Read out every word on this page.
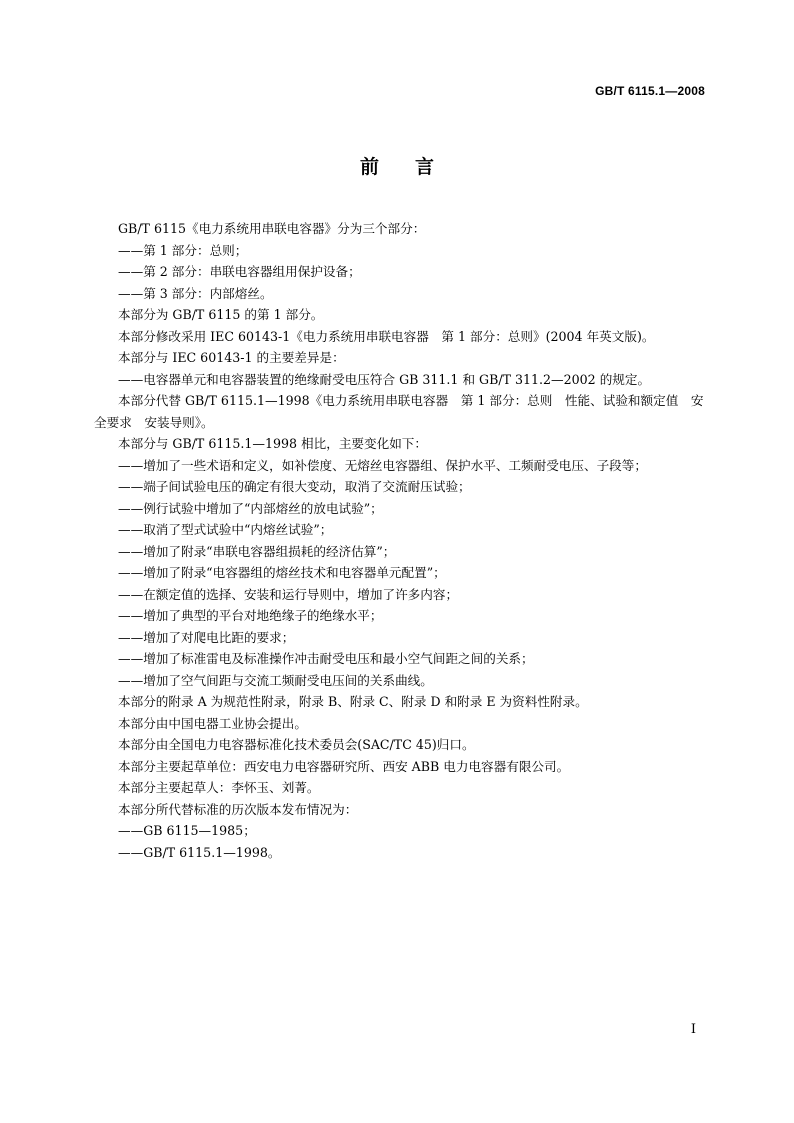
GB/T 6115.1—2008
前言

GB/T 6115《电力系统用串联电容器》分为三个部分：

——第 1 部分：总则；

——第 2 部分：串联电容器组用保护设备；

——第 3 部分：内部熔丝。

本部分为 GB/T 6115 的第 1 部分。

本部分修改采用 IEC 60143-1《电力系统用串联电容器　第 1 部分：总则》(2004 年英文版)。

本部分与 IEC 60143-1 的主要差异是：

——电容器单元和电容器装置的绝缘耐受电压符合 GB 311.1 和 GB/T 311.2—2002 的规定。

本部分代替 GB/T 6115.1—1998《电力系统用串联电容器　第 1 部分：总则　性能、试验和额定值　安全要求　安装导则》。

本部分与 GB/T 6115.1—1998 相比，主要变化如下：

——增加了一些术语和定义，如补偿度、无熔丝电容器组、保护水平、工频耐受电压、子段等；

——端子间试验电压的确定有很大变动，取消了交流耐压试验；

——例行试验中增加了“内部熔丝的放电试验”；

——取消了型式试验中“内熔丝试验”；

——增加了附录“串联电容器组损耗的经济估算”；

——增加了附录“电容器组的熔丝技术和电容器单元配置”；

——在额定值的选择、安装和运行导则中，增加了许多内容；

——增加了典型的平台对地绝缘子的绝缘水平；

——增加了对爬电比距的要求；

——增加了标准雷电及标准操作冲击耐受电压和最小空气间距之间的关系；

——增加了空气间距与交流工频耐受电压间的关系曲线。

本部分的附录 A 为规范性附录，附录 B、附录 C、附录 D 和附录 E 为资料性附录。

本部分由中国电器工业协会提出。

本部分由全国电力电容器标准化技术委员会(SAC/TC 45)归口。

本部分主要起草单位：西安电力电容器研究所、西安 ABB 电力电容器有限公司。

本部分主要起草人：李怀玉、刘菁。

本部分所代替标准的历次版本发布情况为：

——GB 6115—1985；

——GB/T 6115.1—1998。

I
